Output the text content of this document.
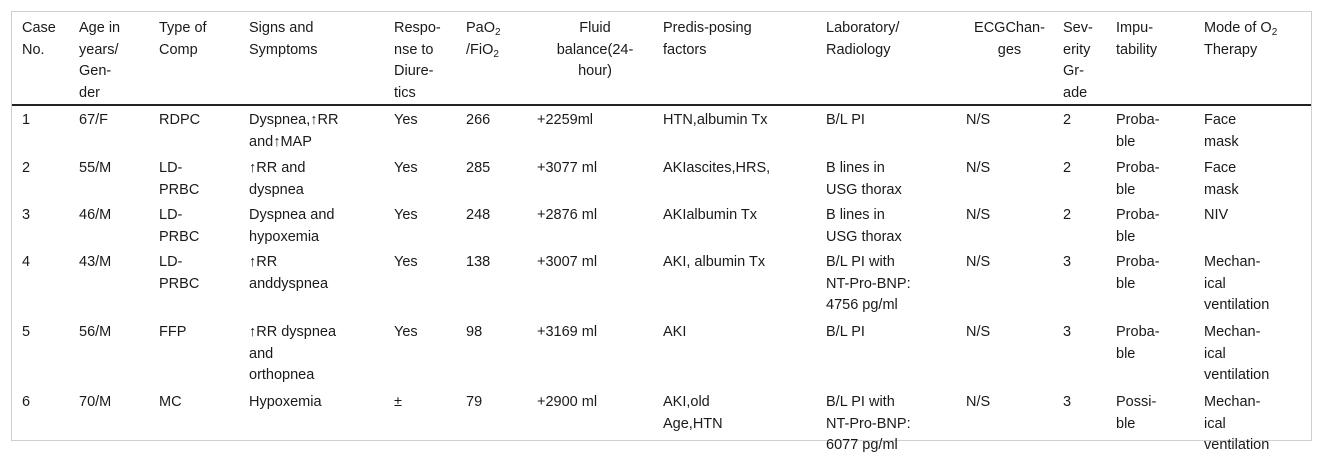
Case
No.	Age in
years/
Gen-
der	Type of
Comp	Signs and
Symptoms	Respo-
nse to
Diure-
tics	PaO$_2$
/FiO$_2$	Fluid
balance(24-
hour)	Predis-posing
factors	Laboratory/
Radiology	ECGChan-
ges	Sev-
erity
Gr-
ade	Impu-
tability	Mode of $O_2$
Therapy
1	67/F	RDPC	Dyspnea,↑RR
and↑MAP	Yes	266	+2259ml	HTN,albumin Tx	B/L PI	N/S	2	Proba-
ble	Face
mask
2	55/M	LD-
PRBC	↑RR and
dyspnea	Yes	285	+3077 ml	AKIascites,HRS,	B lines in
USG thorax	N/S	2	Proba-
ble	Face
mask
3	46/M	LD-
PRBC	Dyspnea and
hypoxemia	Yes	248	+2876 ml	AKIalbumin Tx	B lines in
USG thorax	N/S	2	Proba-
ble	NIV
4	43/M	LD-
PRBC	↑RR
anddyspnea	Yes	138	+3007 ml	AKI, albumin Tx	B/L PI with
NT-Pro-BNP:
4756 pg/ml	N/S	3	Proba-
ble	Mechan-
ical
ventilation
5	56/M	FFP	↑RR dyspnea
and
orthopnea	Yes	98	+3169 ml	AKI	B/L PI	N/S	3	Proba-
ble	Mechan-
ical
ventilation
6	70/M	MC	Hypoxemia	±	79	+2900 ml	AKI,old
Age,HTN	B/L PI with
NT-Pro-BNP:
6077 pg/ml	N/S	3	Possi-
ble	Mechan-
ical
ventilation
